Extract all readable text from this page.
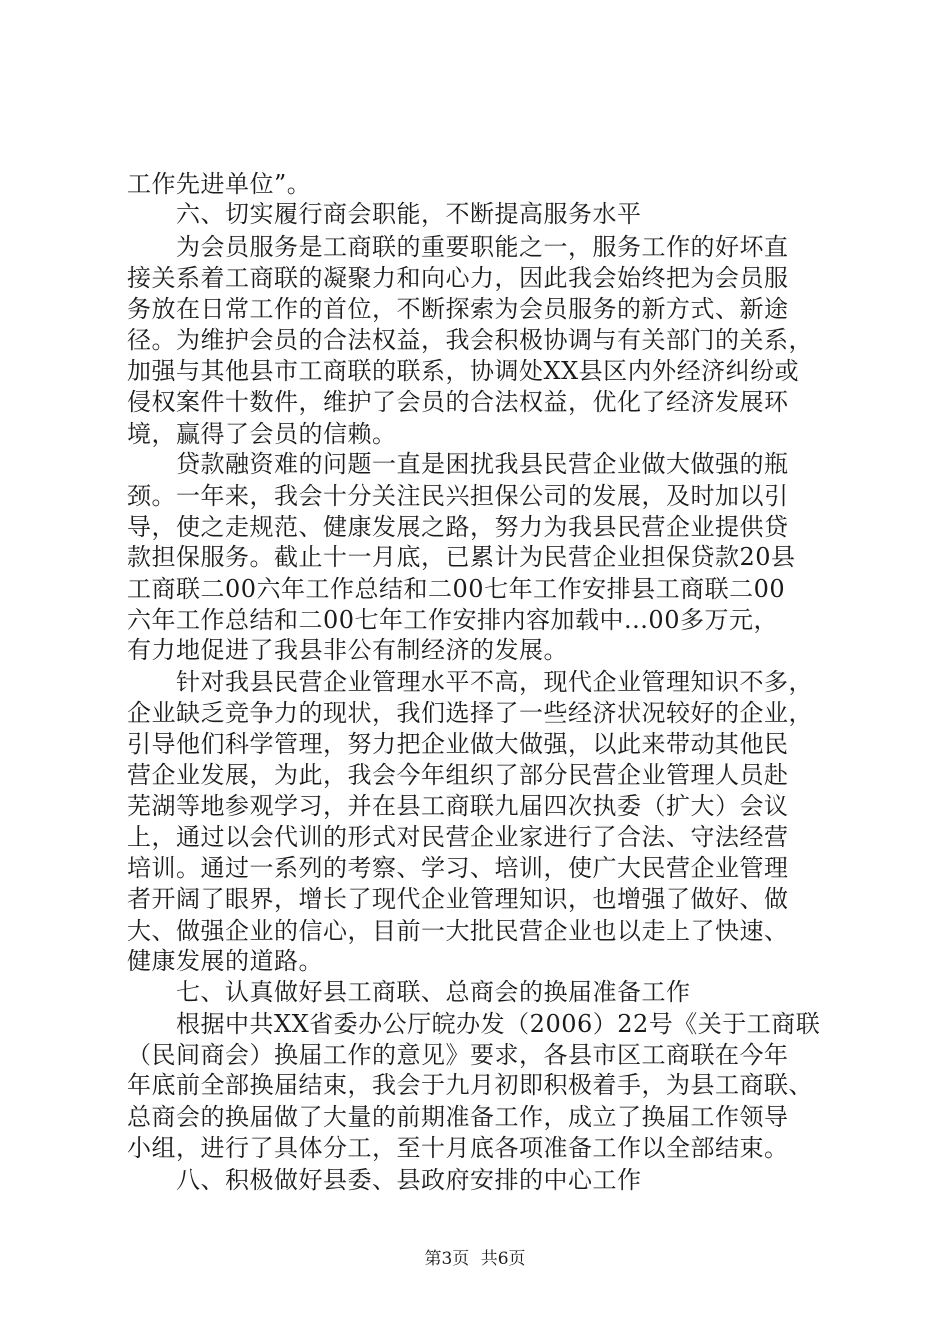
工作先进单位”。
六、切实履行商会职能，不断提高服务水平
为会员服务是工商联的重要职能之一，服务工作的好坏直
接关系着工商联的凝聚力和向心力，因此我会始终把为会员服
务放在日常工作的首位，不断探索为会员服务的新方式、新途
径。为维护会员的合法权益，我会积极协调与有关部门的关系，
加强与其他县市工商联的联系，协调处XX县区内外经济纠纷或
侵权案件十数件，维护了会员的合法权益，优化了经济发展环
境，赢得了会员的信赖。
贷款融资难的问题一直是困扰我县民营企业做大做强的瓶
颈。一年来，我会十分关注民兴担保公司的发展，及时加以引
导，使之走规范、健康发展之路，努力为我县民营企业提供贷
款担保服务。截止十一月底，已累计为民营企业担保贷款20县
工商联二00六年工作总结和二00七年工作安排县工商联二00
六年工作总结和二00七年工作安排内容加载中...00多万元，
有力地促进了我县非公有制经济的发展。
针对我县民营企业管理水平不高，现代企业管理知识不多，
企业缺乏竞争力的现状，我们选择了一些经济状况较好的企业，
引导他们科学管理，努力把企业做大做强，以此来带动其他民
营企业发展，为此，我会今年组织了部分民营企业管理人员赴
芜湖等地参观学习，并在县工商联九届四次执委（扩大）会议
上，通过以会代训的形式对民营企业家进行了合法、守法经营
培训。通过一系列的考察、学习、培训，使广大民营企业管理
者开阔了眼界，增长了现代企业管理知识，也增强了做好、做
大、做强企业的信心，目前一大批民营企业也以走上了快速、
健康发展的道路。
七、认真做好县工商联、总商会的换届准备工作
根据中共XX省委办公厅皖办发（2006）22号《关于工商联
（民间商会）换届工作的意见》要求，各县市区工商联在今年
年底前全部换届结束，我会于九月初即积极着手，为县工商联、
总商会的换届做了大量的前期准备工作，成立了换届工作领导
小组，进行了具体分工，至十月底各项准备工作以全部结束。
八、积极做好县委、县政府安排的中心工作
第3页 共6页
